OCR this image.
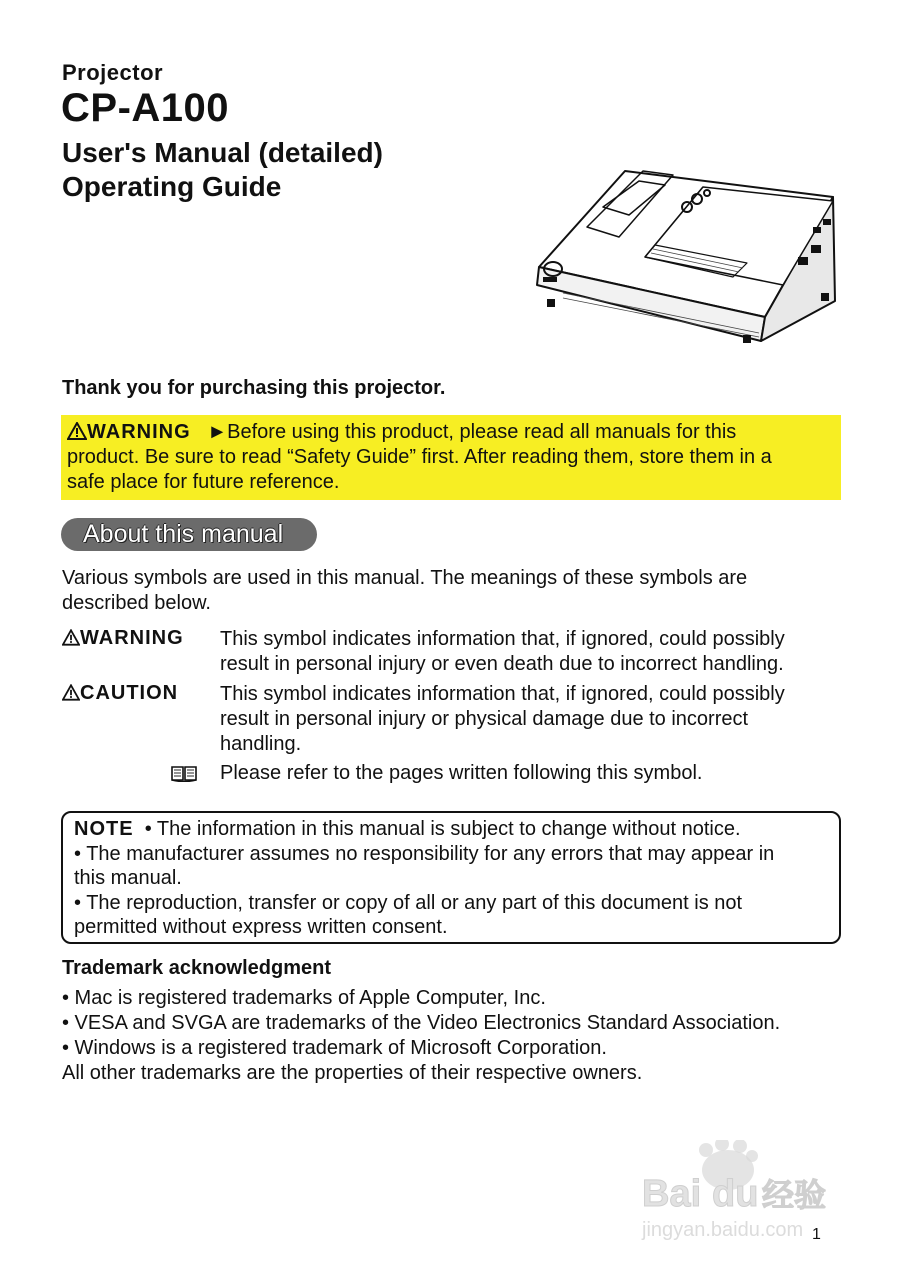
Projector
CP-A100
User's Manual (detailed)
Operating Guide
Thank you for purchasing this projector.
WARNING ►Before using this product, please read all manuals for this
product. Be sure to read “Safety Guide” first. After reading them, store them in a
safe place for future reference.
About this manual
Various symbols are used in this manual. The meanings of these symbols are
described below.
WARNING This symbol indicates information that, if ignored, could possibly
result in personal injury or even death due to incorrect handling.
CAUTION This symbol indicates information that, if ignored, could possibly
result in personal injury or physical damage due to incorrect
handling.
Please refer to the pages written following this symbol.
NOTE • The information in this manual is subject to change without notice.
• The manufacturer assumes no responsibility for any errors that may appear in
this manual.
• The reproduction, transfer or copy of all or any part of this document is not
permitted without express written consent.
Trademark acknowledgment
• Mac is registered trademarks of Apple Computer, Inc.
• VESA and SVGA are trademarks of the Video Electronics Standard Association.
• Windows is a registered trademark of Microsoft Corporation.
All other trademarks are the properties of their respective owners.
Bai du 经验
jingyan.baidu.com 1
